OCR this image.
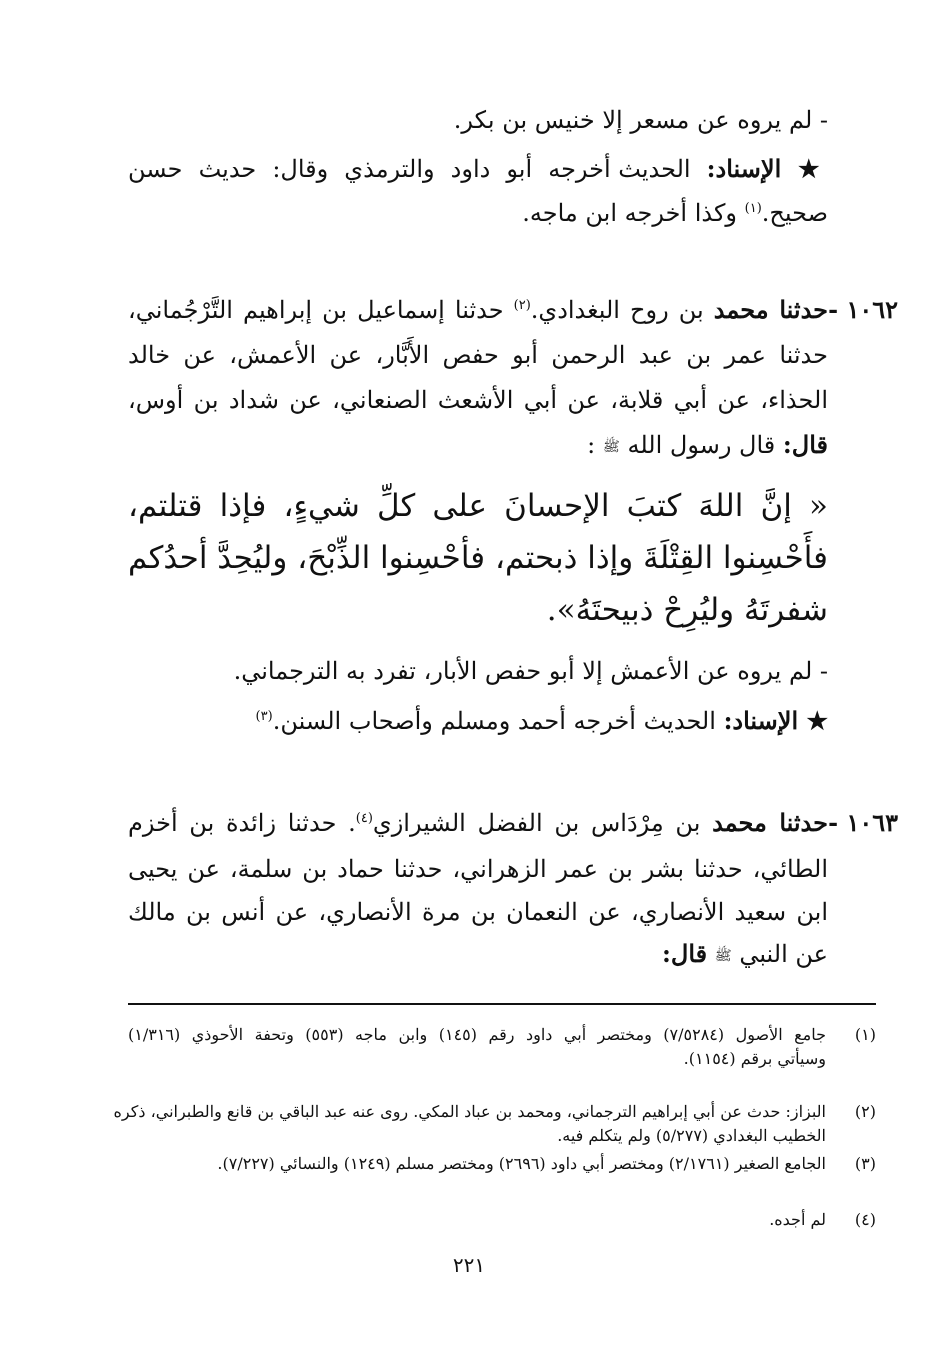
- لم يروه عن مسعر إلا خنيس بن بكر.
★ الإسناد: الحديث أخرجه أبو داود والترمذي وقال: حديث حسن
صحيح.$^{(١)}$ وكذا أخرجه ابن ماجه.
١٠٦٢ -
حدثنا محمد بن روح البغدادي.$^{(٢)}$ حدثنا إسماعيل بن إبراهيم التَّرْجُماني،
حدثنا عمر بن عبد الرحمن أبو حفص الأَبَّار، عن الأعمش، عن خالد
الحذاء، عن أبي قلابة، عن أبي الأشعث الصنعاني، عن شداد بن أوس،
قال: قال رسول الله ﷺ :
« إنَّ اللهَ كتبَ الإحسانَ على كلِّ شيءٍ، فإذا قتلتم،
فأَحْسِنوا القِتْلَةَ وإذا ذبحتم، فأحْسِنوا الذِّبْحَ، وليُحِدَّ أحدُكم
شفرتَهُ وليُرِحْ ذبيحتَهُ».
- لم يروه عن الأعمش إلا أبو حفص الأبار، تفرد به الترجماني.
★ الإسناد: الحديث أخرجه أحمد ومسلم وأصحاب السنن.$^{(٣)}$
١٠٦٣ -
حدثنا محمد بن مِرْدَاس بن الفضل الشيرازي$^{(٤)}$. حدثنا زائدة بن أخزم
الطائي، حدثنا بشر بن عمر الزهراني، حدثنا حماد بن سلمة، عن يحيى
ابن سعيد الأنصاري، عن النعمان بن مرة الأنصاري، عن أنس بن مالك
عن النبي ﷺ قال:
(١)
جامع الأصول (٧/٥٢٨٤) ومختصر أبي داود رقم (١٤٥) وابن ماجه (٥٥٣) وتحفة الأحوذي (١/٣١٦)
وسيأتي برقم (١١٥٤).
(٢)
البزاز: حدث عن أبي إبراهيم الترجماني، ومحمد بن عباد المكي. روى عنه عبد الباقي بن قانع والطبراني، ذكره
الخطيب البغدادي (٥/٢٧٧) ولم يتكلم فيه.
(٣)
الجامع الصغير (٢/١٧٦١) ومختصر أبي داود (٢٦٩٦) ومختصر مسلم (١٢٤٩) والنسائي (٧/٢٢٧).
(٤)
لم أجده.
٢٢١
